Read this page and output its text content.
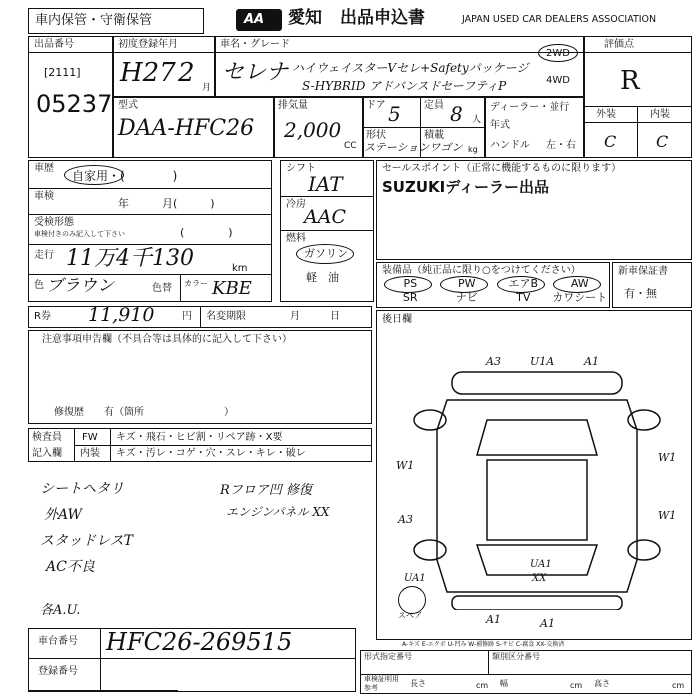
車内保管・守衛保管	AA 愛知 出品申込書	JAPAN USED CAR DEALERS ASSOCIATION
出品番号
[2111]
05237
初度登録年月
H27 2 月
車名・グレード
セレナ ハイウェイスターVセレ+Safetyパッケージ
S-HYBRID アドバンスドセーフティP
2WD
4WD
評価点
R
外装	内装
C C
型式
DAA-HFC26
排気量
2,000
CC
ドア 5 定員 8 人
形状
ステーションワゴン
積載
kg
ディーラー・並行
年式
ハンドル 左・右
車歴
自家用・(　　　　)
車検
年　　　月(　　　)
受検形態
車検付きのみ記入して下さい	(　　　　)
走行 11万4千130	km
色 ブラウン	色替 カラー KBE
シフト
IAT
冷房
AAC
燃料
ガソリン
軽　油
セールスポイント（正常に機能するものに限ります）
SUZUKIディーラー出品
装備品（純正品に限り○をつけてください）
PS	PW	エアB	AW
SR	ナビ	TV	カワシート
新車保証書
有・無
R券 11,910	円 名変期限	月　　　日
注意事項申告欄（不具合等は具体的に記入して下さい）
修復歴　　有（箇所　　　　　　　　）
後日欄
A3	U1A	A1
W1
A3
UA1
W1
W1
UA1
XX
A1	A1
スペア
A-キズ E-エクボ U-凹み W-補修跡 S-サビ C-腐食 XX-交換済
検査員
記入欄
FW キズ・飛石・ヒビ割・リペア跡・X要
内装 キズ・汚レ・コゲ・穴・スレ・キレ・破レ
シートヘタリ
外AW
スタッドレスT
AC不良
各A.U.
Rフロア凹 修復
エンジンパネル XX
車台番号 HFC26-269515
登録番号
形式指定番号	類別区分番号
車検証明用
参考	長さ	cm 幅	cm 高さ	cm
